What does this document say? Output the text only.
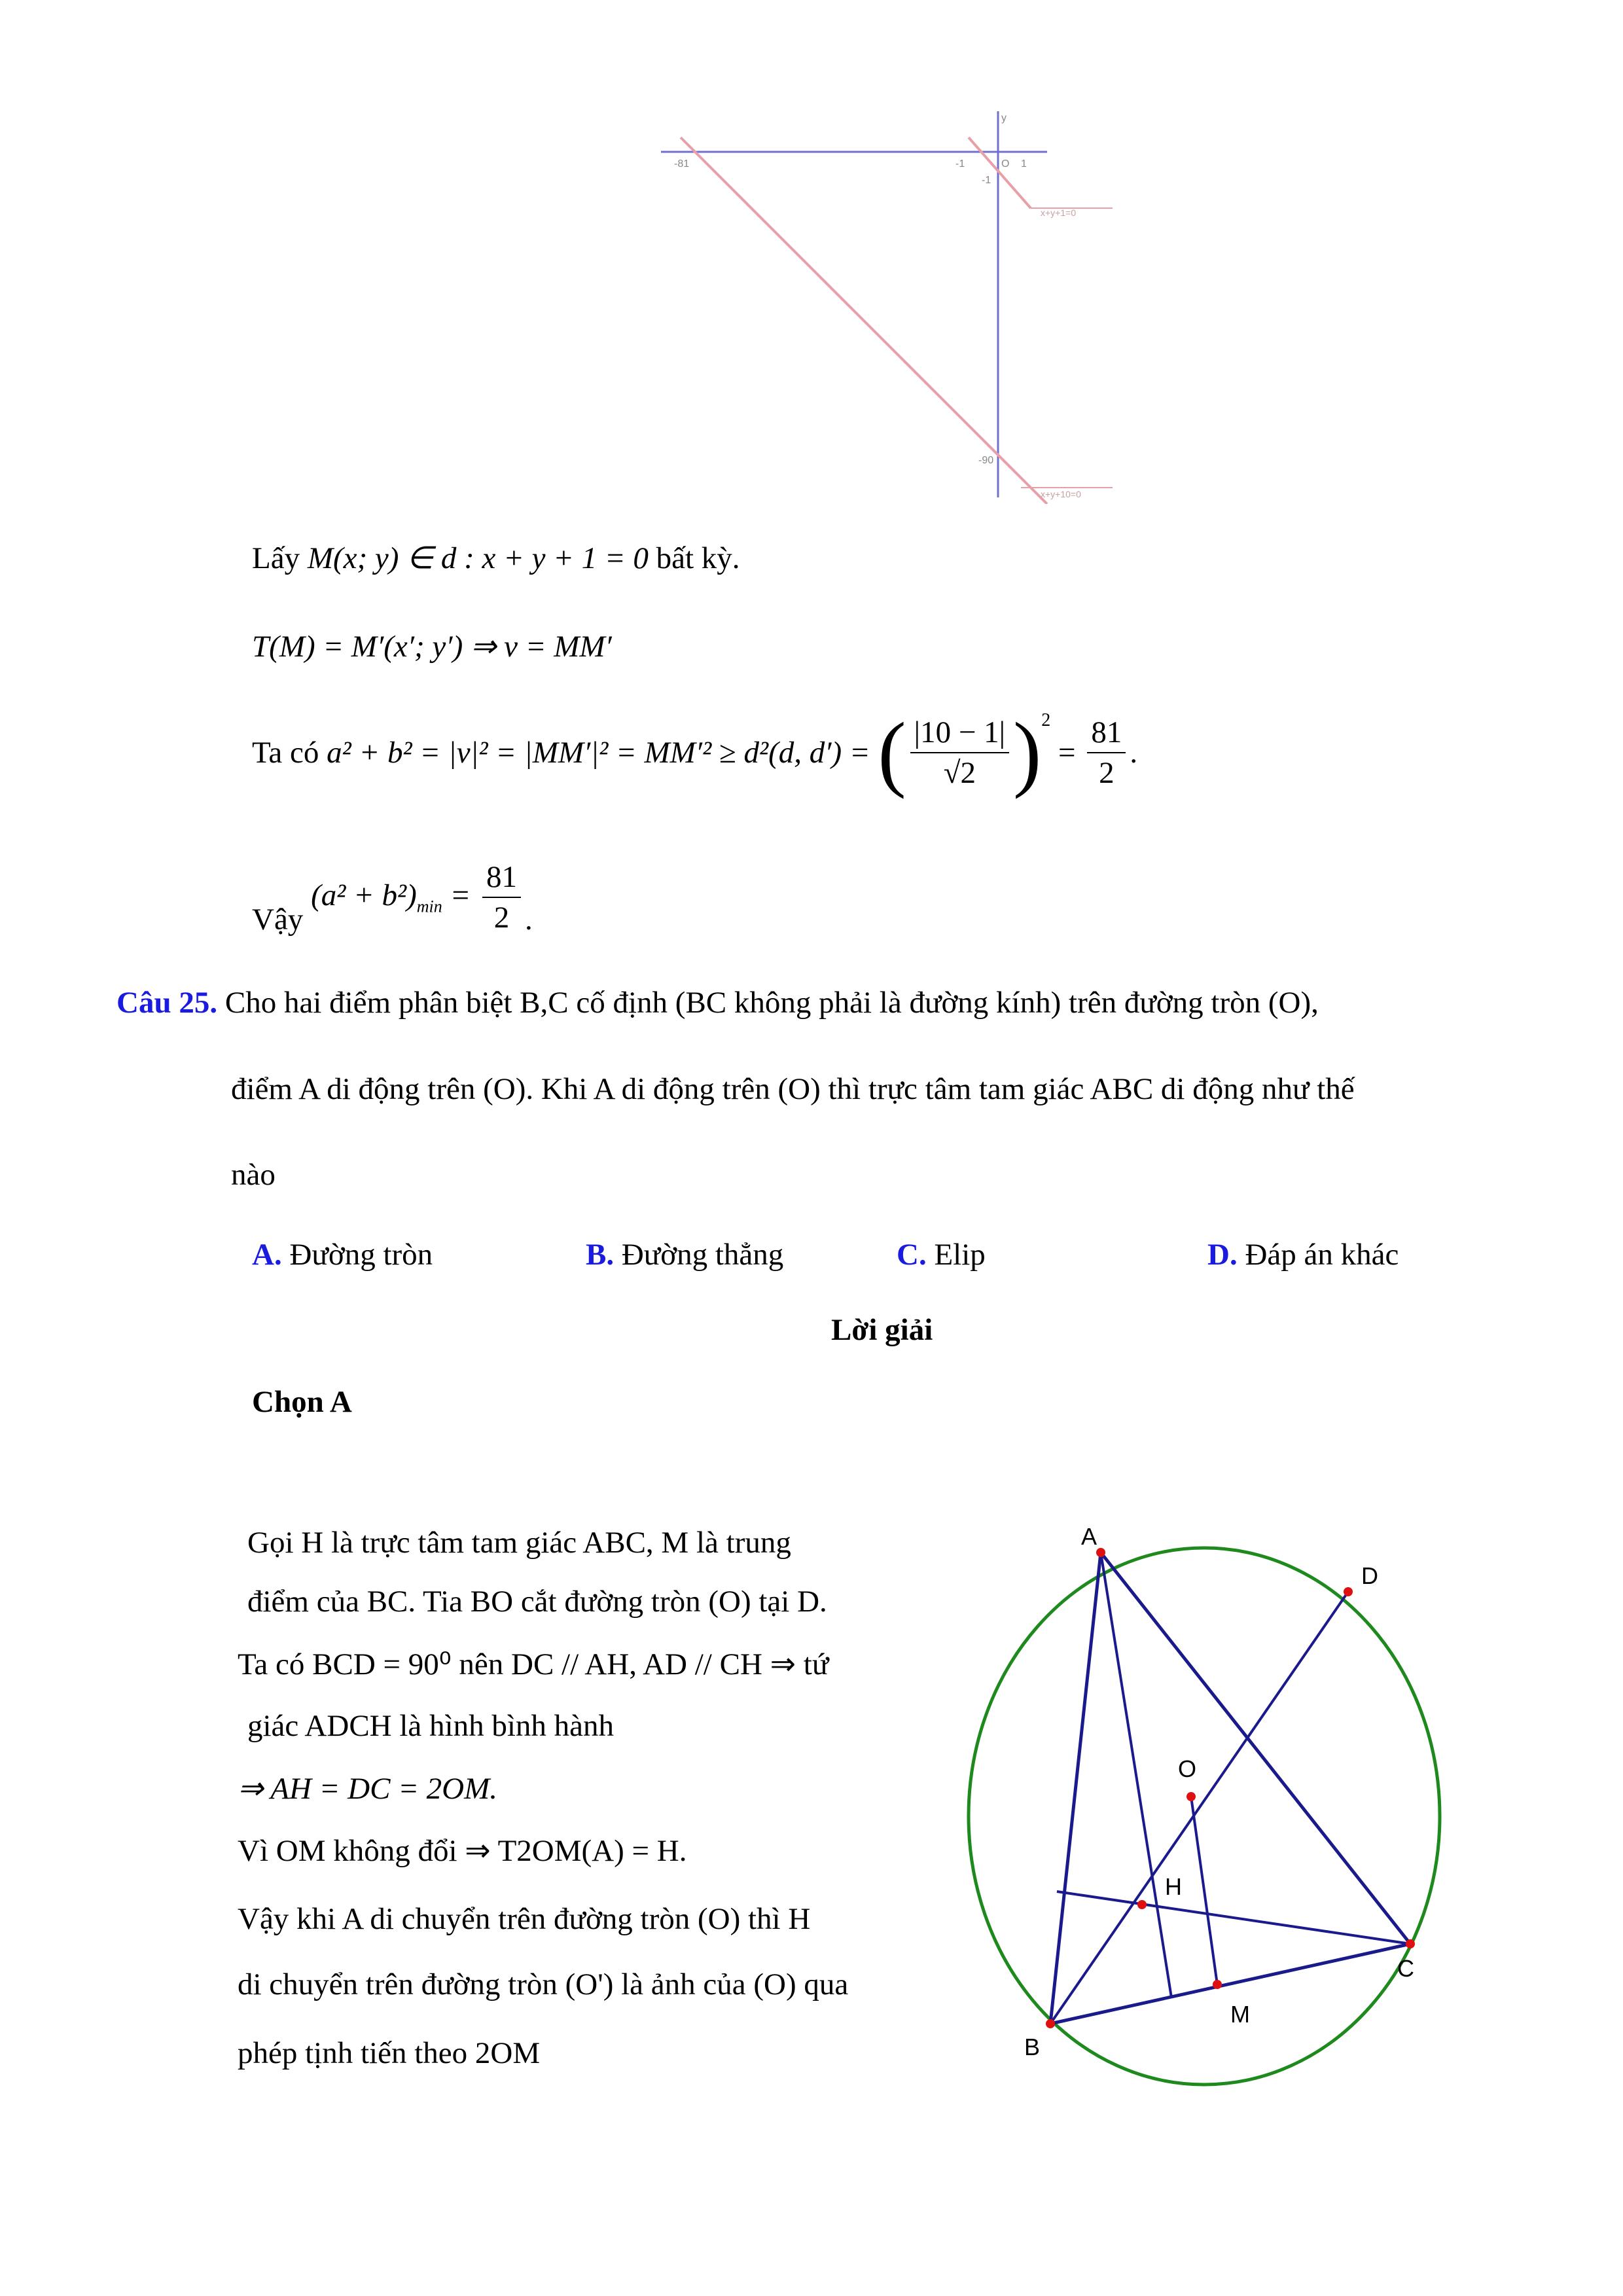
-81	-1	O 1
y
-1
-90
x+y+1=0
x+y+10=0
Lấy M(x; y) ∈ d : x + y + 1 = 0 bất kỳ.
T(M) = M′(x′; y′) ⇒ v = MM′
Ta có a² + b² = |v|² = |MM′|² = MM′² ≥ d²(d, d′) = ( $\frac{|10 - 1|}{√2} )^2 = \frac{81}{2}$ .
Vậy $(a^2 + b^2)_{min} = \frac{81}{2}$ .
Câu 25. Cho hai điểm phân biệt B,C cố định (BC không phải là đường kính) trên đường tròn (O),
điểm A di động trên (O). Khi A di động trên (O) thì trực tâm tam giác ABC di động như thế
nào
A. Đường tròn	B. Đường thẳng	C. Elip	D. Đáp án khác
Lời giải
Chọn A
Gọi H là trực tâm tam giác ABC, M là trung
điểm của BC. Tia BO cắt đường tròn (O) tại D.
Ta có BCD = 90⁰ nên DC // AH, AD // CH ⇒ tứ
giác ADCH là hình bình hành
⇒ AH = DC = 2OM.
Vì OM không đổi ⇒ T2OM(A) = H.
Vậy khi A di chuyển trên đường tròn (O) thì H
di chuyển trên đường tròn (O') là ảnh của (O) qua
phép tịnh tiến theo 2OM
A
B
C
D
O
H
M
